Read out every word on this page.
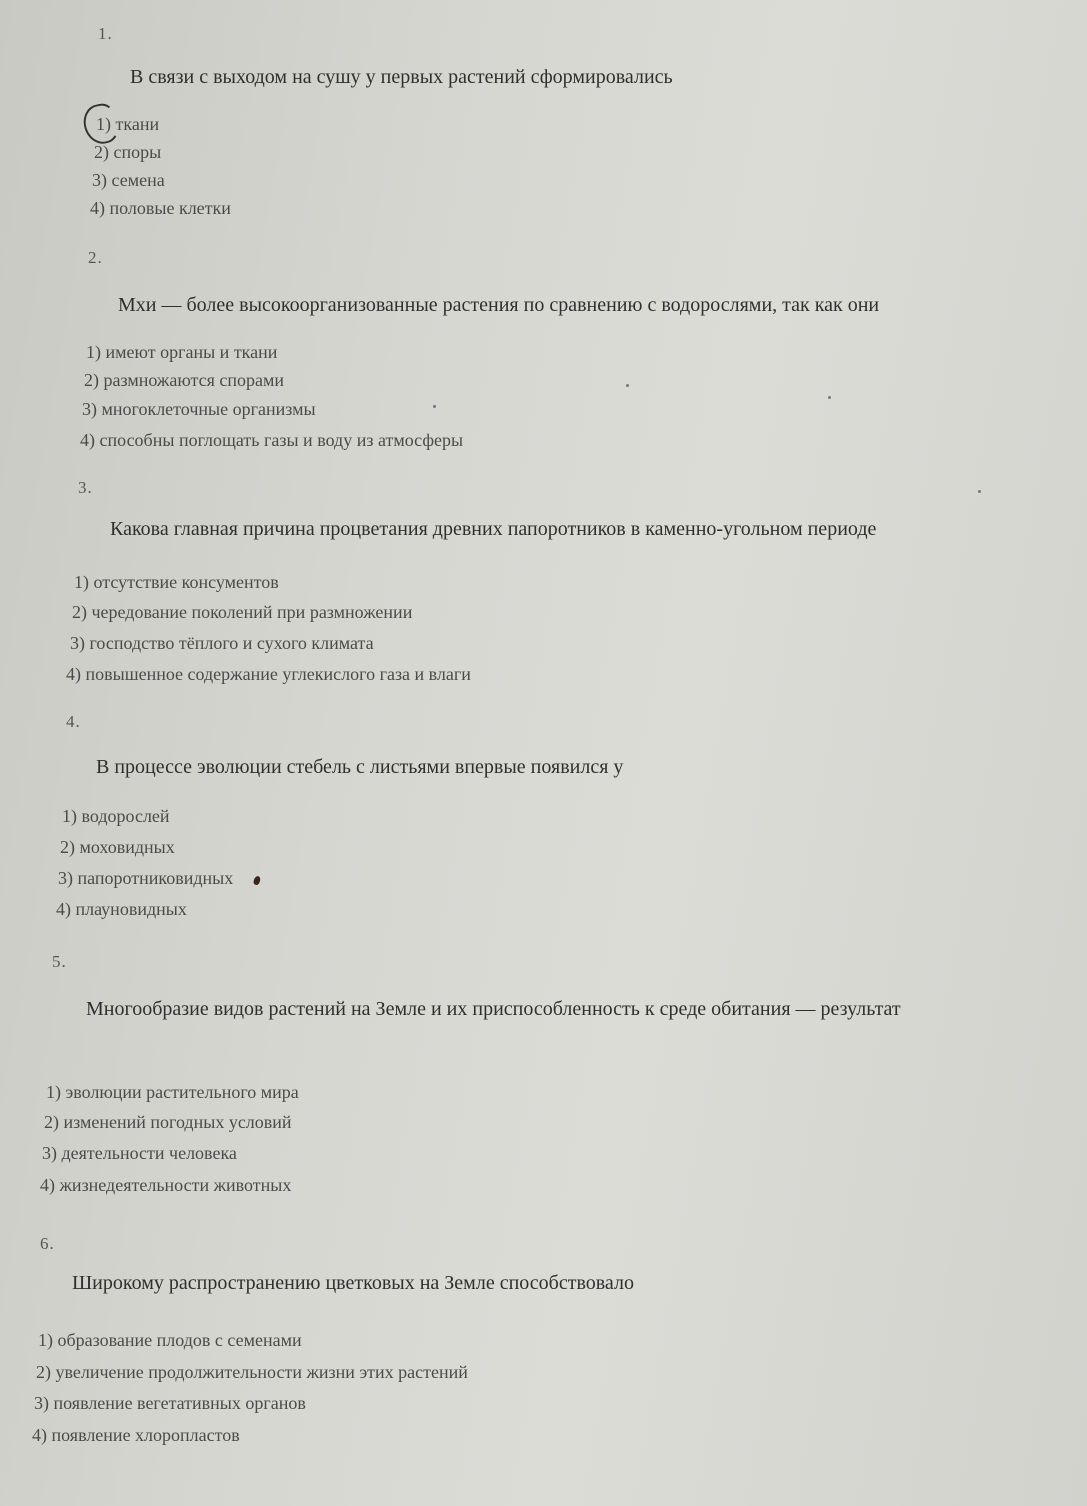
1.
В связи с выходом на сушу у первых растений сформировались
1) ткани
2) споры
3) семена
4) половые клетки
2.
Мхи — более высокоорганизованные растения по сравнению с водорослями, так как они
1) имеют органы и ткани
2) размножаются спорами
3) многоклеточные организмы
4) способны поглощать газы и воду из атмосферы
3.
Какова главная причина процветания древних папоротников в каменно-угольном периоде
1) отсутствие консументов
2) чередование поколений при размножении
3) господство тёплого и сухого климата
4) повышенное содержание углекислого газа и влаги
4.
В процессе эволюции стебель с листьями впервые появился у
1) водорослей
2) моховидных
3) папоротниковидных
4) плауновидных
5.
Многообразие видов растений на Земле и их приспособленность к среде обитания — результат
1) эволюции растительного мира
2) изменений погодных условий
3) деятельности человека
4) жизнедеятельности животных
6.
Широкому распространению цветковых на Земле способствовало
1) образование плодов с семенами
2) увеличение продолжительности жизни этих растений
3) появление вегетативных органов
4) появление хлоропластов
